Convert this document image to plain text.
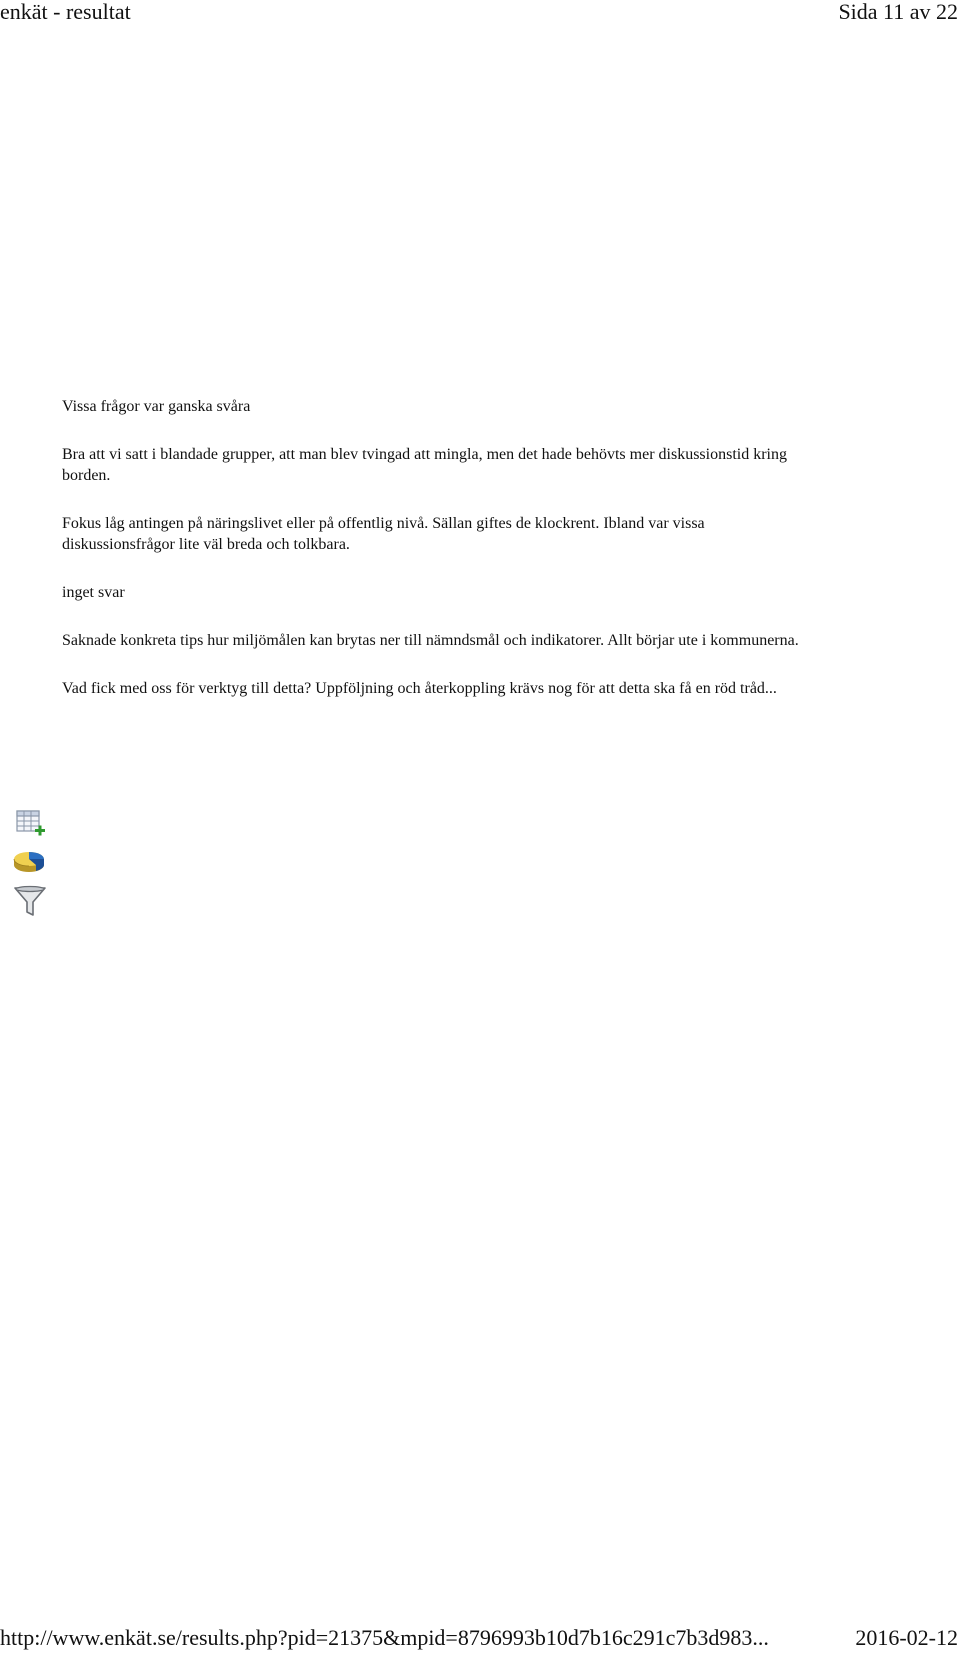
enkät - resultat	Sida 11 av 22

Vissa frågor var ganska svåra

Bra att vi satt i blandade grupper, att man blev tvingad att mingla, men det hade behövts mer diskussionstid kring borden.

Fokus låg antingen på näringslivet eller på offentlig nivå. Sällan giftes de klockrent. Ibland var vissa diskussionsfrågor lite väl breda och tolkbara.

inget svar

Saknade konkreta tips hur miljömålen kan brytas ner till nämndsmål och indikatorer. Allt börjar ute i kommunerna.

Vad fick med oss för verktyg till detta? Uppföljning och återkoppling krävs nog för att detta ska få en röd tråd...

http://www.enkät.se/results.php?pid=21375&mpid=8796993b10d7b16c291c7b3d983...	2016-02-12
